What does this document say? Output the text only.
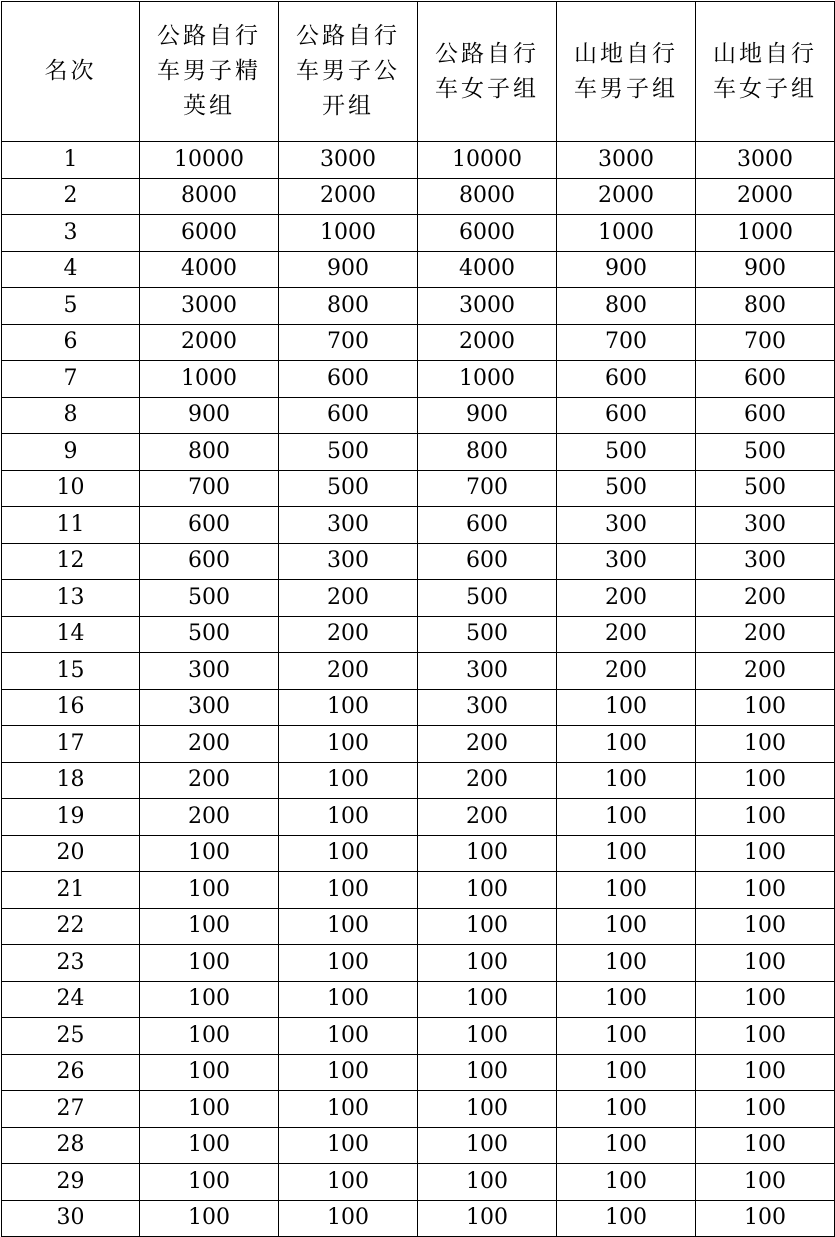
名次	公路自行车男子精英组	公路自行车男子公开组	公路自行车女子组	山地自行车男子组	山地自行车女子组

1	10000	3000	10000	3000	3000
2	8000	2000	8000	2000	2000
3	6000	1000	6000	1000	1000
4	4000	900	4000	900	900
5	3000	800	3000	800	800
6	2000	700	2000	700	700
7	1000	600	1000	600	600
8	900	600	900	600	600
9	800	500	800	500	500
10	700	500	700	500	500
11	600	300	600	300	300
12	600	300	600	300	300
13	500	200	500	200	200
14	500	200	500	200	200
15	300	200	300	200	200
16	300	100	300	100	100
17	200	100	200	100	100
18	200	100	200	100	100
19	200	100	200	100	100
20	100	100	100	100	100
21	100	100	100	100	100
22	100	100	100	100	100
23	100	100	100	100	100
24	100	100	100	100	100
25	100	100	100	100	100
26	100	100	100	100	100
27	100	100	100	100	100
28	100	100	100	100	100
29	100	100	100	100	100
30	100	100	100	100	100
